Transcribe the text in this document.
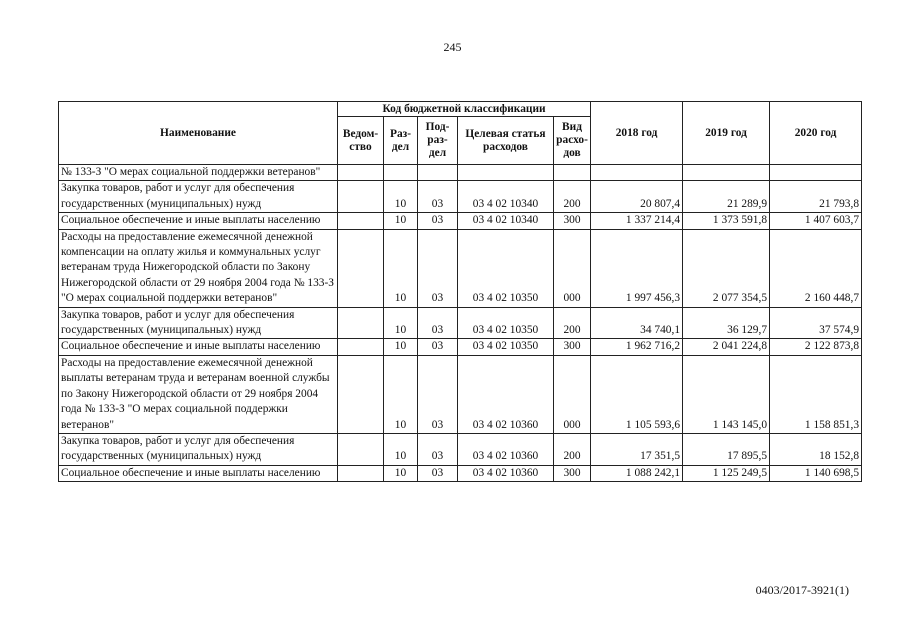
245
Наименование	Код бюджетной классификации					2018 год	2019 год	2020 год
	Ведом-ство	Раз-дел	Под-раз-дел	Целевая статья расходов	Вид расхо-дов			
№ 133-З "О мерах социальной поддержки ветеранов"								
Закупка товаров, работ и услуг для обеспечения государственных (муниципальных) нужд		10	03	03 4 02 10340	200	20 807,4	21 289,9	21 793,8
Социальное обеспечение и иные выплаты населению		10	03	03 4 02 10340	300	1 337 214,4	1 373 591,8	1 407 603,7
Расходы на предоставление ежемесячной денежной компенсации на оплату жилья и коммунальных услуг ветеранам труда Нижегородской области по Закону Нижегородской области от 29 ноября 2004 года № 133-З "О мерах социальной поддержки ветеранов"		10	03	03 4 02 10350	000	1 997 456,3	2 077 354,5	2 160 448,7
Закупка товаров, работ и услуг для обеспечения государственных (муниципальных) нужд		10	03	03 4 02 10350	200	34 740,1	36 129,7	37 574,9
Социальное обеспечение и иные выплаты населению		10	03	03 4 02 10350	300	1 962 716,2	2 041 224,8	2 122 873,8
Расходы на предоставление ежемесячной денежной выплаты ветеранам труда и ветеранам военной службы по Закону Нижегородской области от 29 ноября 2004 года № 133-З "О мерах социальной поддержки ветеранов"		10	03	03 4 02 10360	000	1 105 593,6	1 143 145,0	1 158 851,3
Закупка товаров, работ и услуг для обеспечения государственных (муниципальных) нужд		10	03	03 4 02 10360	200	17 351,5	17 895,5	18 152,8
Социальное обеспечение и иные выплаты населению		10	03	03 4 02 10360	300	1 088 242,1	1 125 249,5	1 140 698,5
0403/2017-3921(1)
